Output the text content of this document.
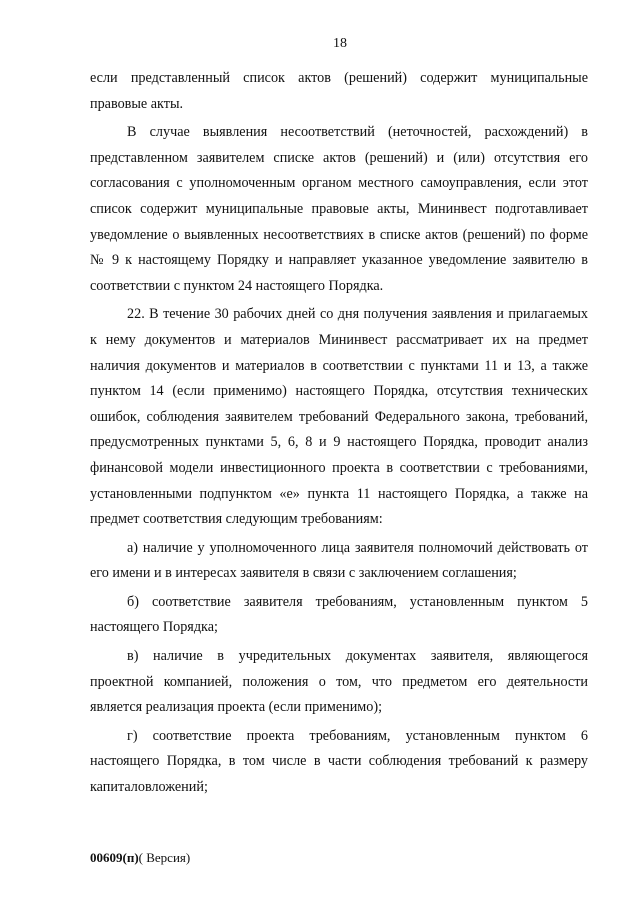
18

если представленный список актов (решений) содержит муниципальные правовые акты.

В случае выявления несоответствий (неточностей, расхождений) в представленном заявителем списке актов (решений) и (или) отсутствия его согласования с уполномоченным органом местного самоуправления, если этот список содержит муниципальные правовые акты, Мининвест подготавливает уведомление о выявленных несоответствиях в списке актов (решений) по форме № 9 к настоящему Порядку и направляет указанное уведомление заявителю в соответствии с пунктом 24 настоящего Порядка.

22. В течение 30 рабочих дней со дня получения заявления и прилагаемых к нему документов и материалов Мининвест рассматривает их на предмет наличия документов и материалов в соответствии с пунктами 11 и 13, а также пунктом 14 (если применимо) настоящего Порядка, отсутствия технических ошибок, соблюдения заявителем требований Федерального закона, требований, предусмотренных пунктами 5, 6, 8 и 9 настоящего Порядка, проводит анализ финансовой модели инвестиционного проекта в соответствии с требованиями, установленными подпунктом «е» пункта 11 настоящего Порядка, а также на предмет соответствия следующим требованиям:

а) наличие у уполномоченного лица заявителя полномочий действовать от его имени и в интересах заявителя в связи с заключением соглашения;

б) соответствие заявителя требованиям, установленным пунктом 5 настоящего Порядка;

в) наличие в учредительных документах заявителя, являющегося проектной компанией, положения о том, что предметом его деятельности является реализация проекта (если применимо);

г) соответствие проекта требованиям, установленным пунктом 6 настоящего Порядка, в том числе в части соблюдения требований к размеру капиталовложений;

00609(п)( Версия)
